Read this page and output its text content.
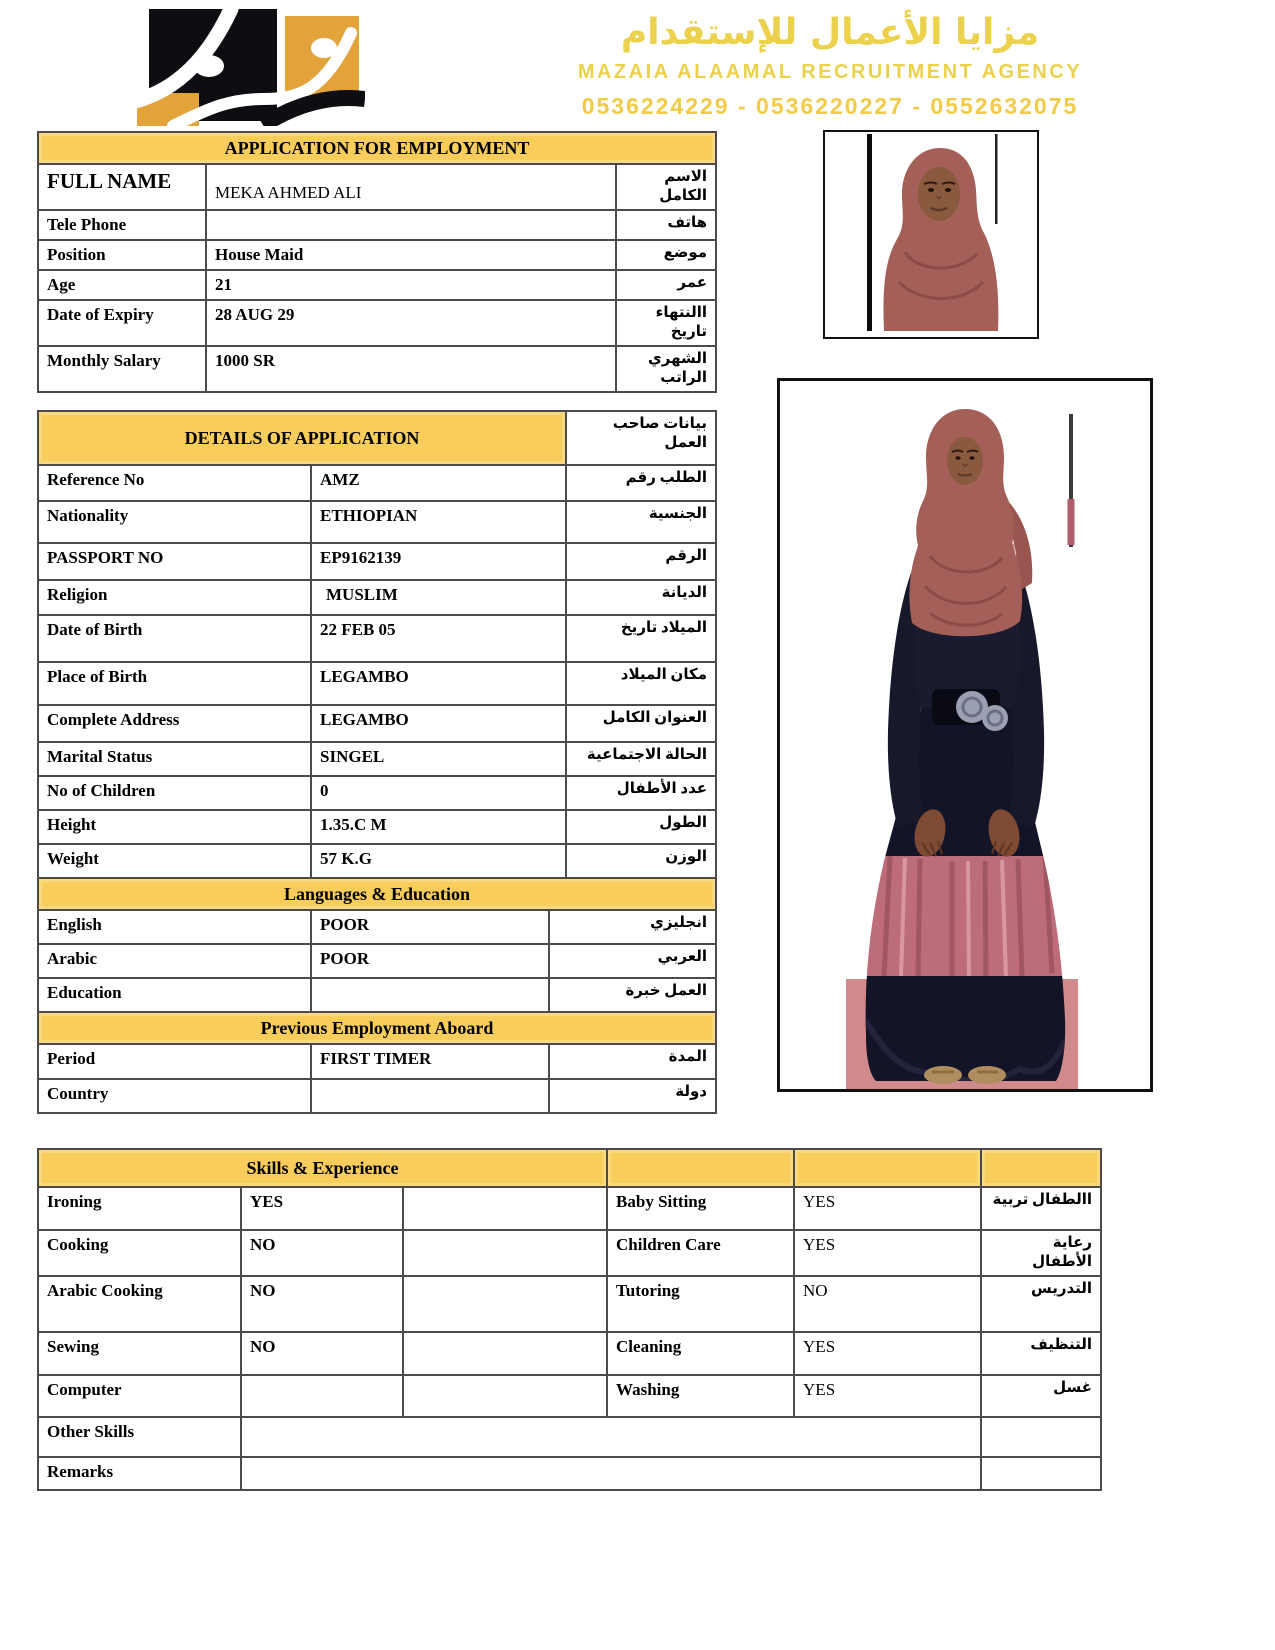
مزايا الأعمال للإستقدام
MAZAIA ALAAMAL RECRUITMENT AGENCY
0536224229 - 0536220227 - 0552632075
APPLICATION FOR EMPLOYMENT		
FULL NAME	MEKA AHMED ALI	الاسم الكامل
Tele Phone		هاتف
Position	House Maid	موضع
Age	21	عمر
Date of Expiry	28 AUG 29	االنتهاء تاريخ
Monthly Salary	1000 SR	الشهري الراتب
DETAILS OF APPLICATION		بيانات صاحب العمل
Reference No	AMZ	الطلب رقم
Nationality	ETHIOPIAN	الجنسية
PASSPORT NO	EP9162139	الرقم
Religion	MUSLIM	الديانة
Date of Birth	22 FEB 05	الميلاد تاريخ
Place of Birth	LEGAMBO	مكان الميلاد
Complete Address	LEGAMBO	العنوان الكامل
Marital Status	SINGEL	الحالة الاجتماعية
No of Children	0	عدد الأطفال
Height	1.35.C M	الطول
Weight	57 K.G	الوزن
Languages & Education		
English	POOR	انجليزي
Arabic	POOR	العربي
Education		العمل خبرة
Previous Employment Aboard		
Period	FIRST TIMER	المدة
Country		دولة
Skills & Experience					
Ironing	YES		Baby Sitting	YES	االطفال تربية
Cooking	NO		Children Care	YES	رعاية الأطفال
Arabic Cooking	NO		Tutoring	NO	التدريس
Sewing	NO		Cleaning	YES	التنظيف
Computer			Washing	YES	غسل
Other Skills					
Remarks					
